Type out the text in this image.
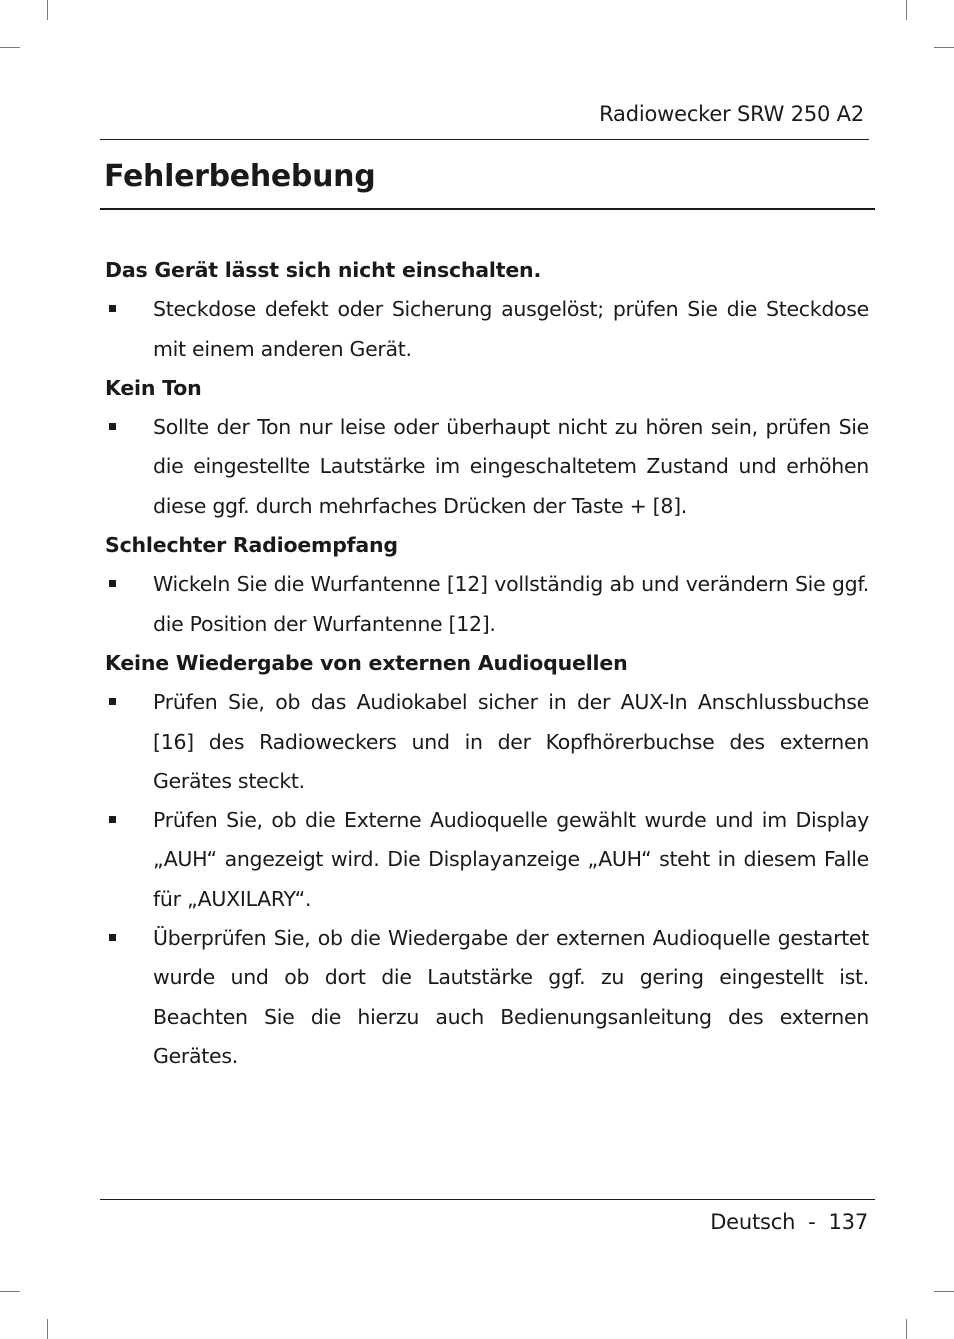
Radiowecker SRW 250 A2
Fehlerbehebung
Das Gerät lässt sich nicht einschalten.
Steckdose defekt oder Sicherung ausgelöst; prüfen Sie die Steckdose mit einem anderen Gerät.
Kein Ton
Sollte der Ton nur leise oder überhaupt nicht zu hören sein, prüfen Sie die eingestellte Lautstärke im eingeschaltetem Zustand und erhöhen diese ggf. durch mehrfaches Drücken der Taste + [8].
Schlechter Radioempfang
Wickeln Sie die Wurfantenne [12] vollständig ab und verändern Sie ggf. die Position der Wurfantenne [12].
Keine Wiedergabe von externen Audioquellen
Prüfen Sie, ob das Audiokabel sicher in der AUX-In Anschlussbuchse [16] des Radioweckers und in der Kopfhörerbuchse des externen Gerätes steckt.
Prüfen Sie, ob die Externe Audioquelle gewählt wurde und im Display „AUH“ angezeigt wird. Die Displayanzeige „AUH“ steht in diesem Falle für „AUXILARY“.
Überprüfen Sie, ob die Wiedergabe der externen Audioquelle gestartet wurde und ob dort die Lautstärke ggf. zu gering eingestellt ist. Beachten Sie die hierzu auch Bedienungsanleitung des externen Gerätes.
Deutsch  -  137
